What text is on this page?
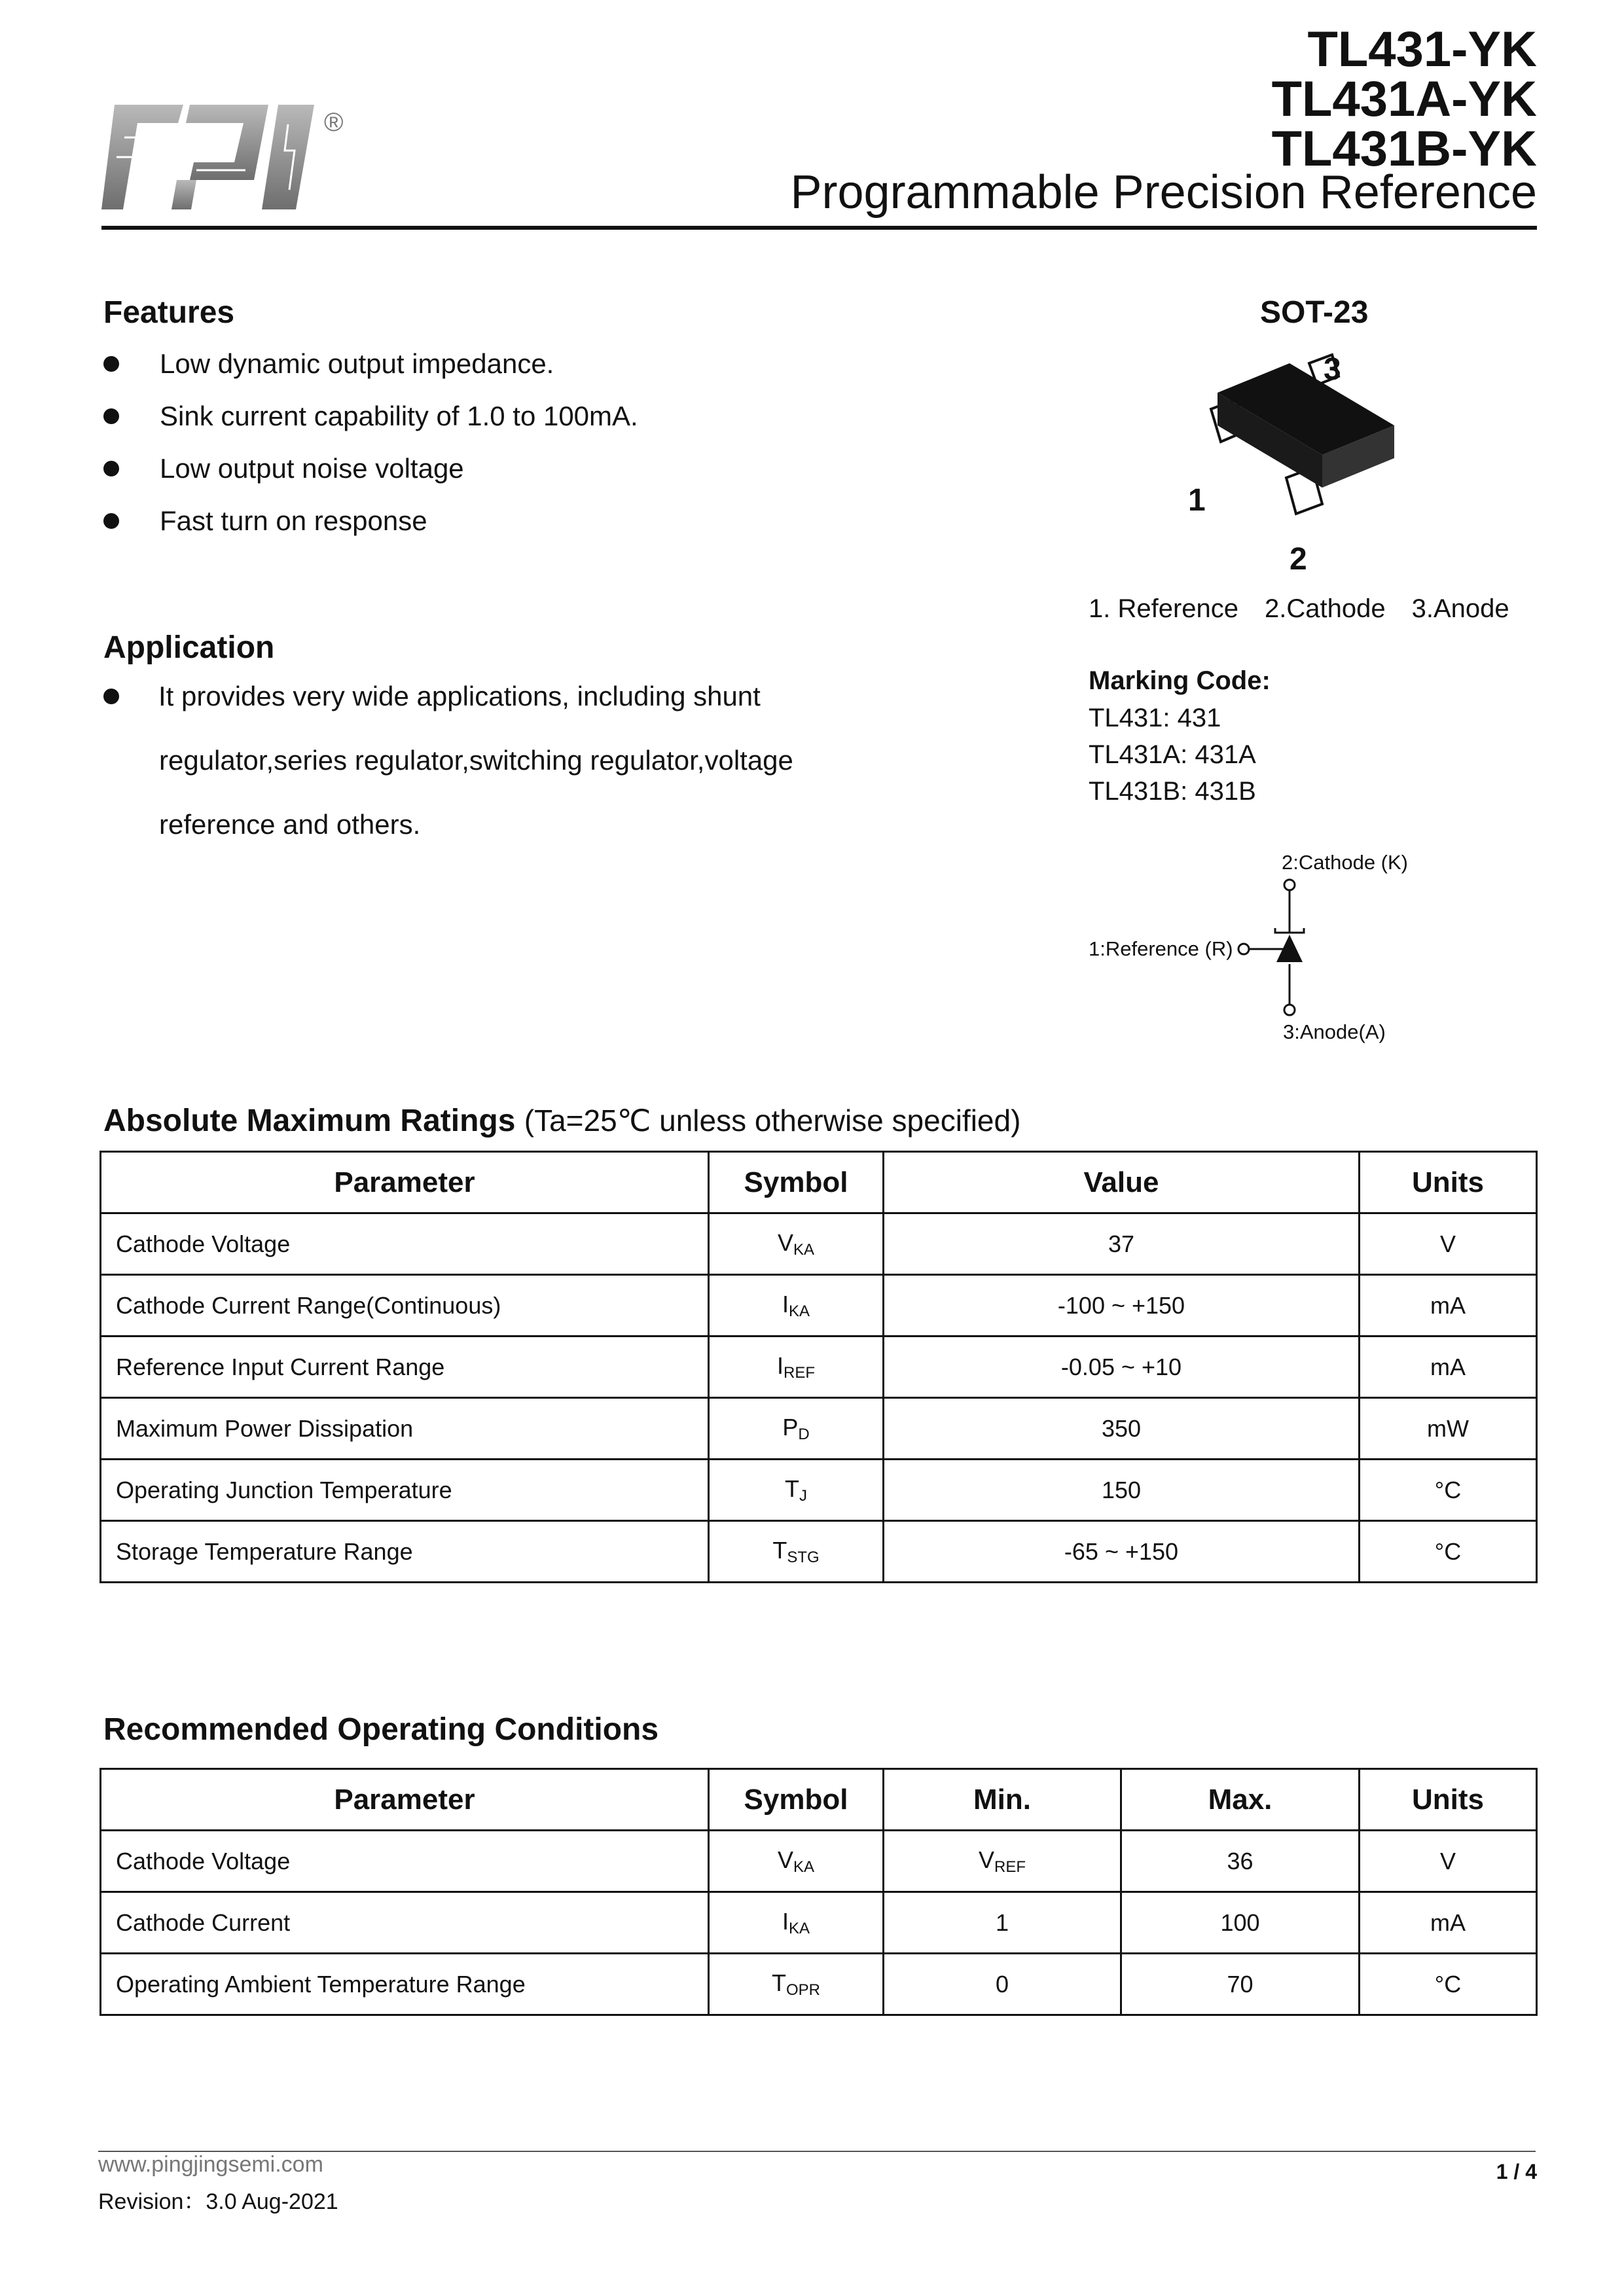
®
TL431-YK
TL431A-YK
TL431B-YK
Programmable Precision Reference
Features
Low dynamic output impedance.
Sink current capability of 1.0 to 100mA.
Low output noise voltage
Fast turn on response
Application
It provides very wide applications, including shunt
regulator,series regulator,switching regulator,voltage
reference and others.
SOT-23
3
1
2
1. Reference 2.Cathode 3.Anode
Marking Code:
TL431: 431
TL431A: 431A
TL431B: 431B
2:Cathode (K)
1:Reference (R)
3:Anode(A)
Absolute Maximum Ratings (Ta=25℃ unless otherwise specified)
Parameter	Symbol	Value	Units
Cathode Voltage	$V_{KA}$	37	V
Cathode Current Range(Continuous)	$I_{KA}$	-100 ~ +150	mA
Reference Input Current Range	$I_{REF}$	-0.05 ~ +10	mA
Maximum Power Dissipation	$P_D$	350	mW
Operating Junction Temperature	$T_J$	150	°C
Storage Temperature Range	$T_{STG}$	-65 ~ +150	°C
Recommended Operating Conditions
Parameter	Symbol	Min.	Max.	Units
Cathode Voltage	$V_{KA}$	$V_{REF}$	36	V
Cathode Current	$I_{KA}$	1	100	mA
Operating Ambient Temperature Range	$T_{OPR}$	0	70	°C
www.pingjingsemi.com
Revision：3.0 Aug-2021
1 / 4
